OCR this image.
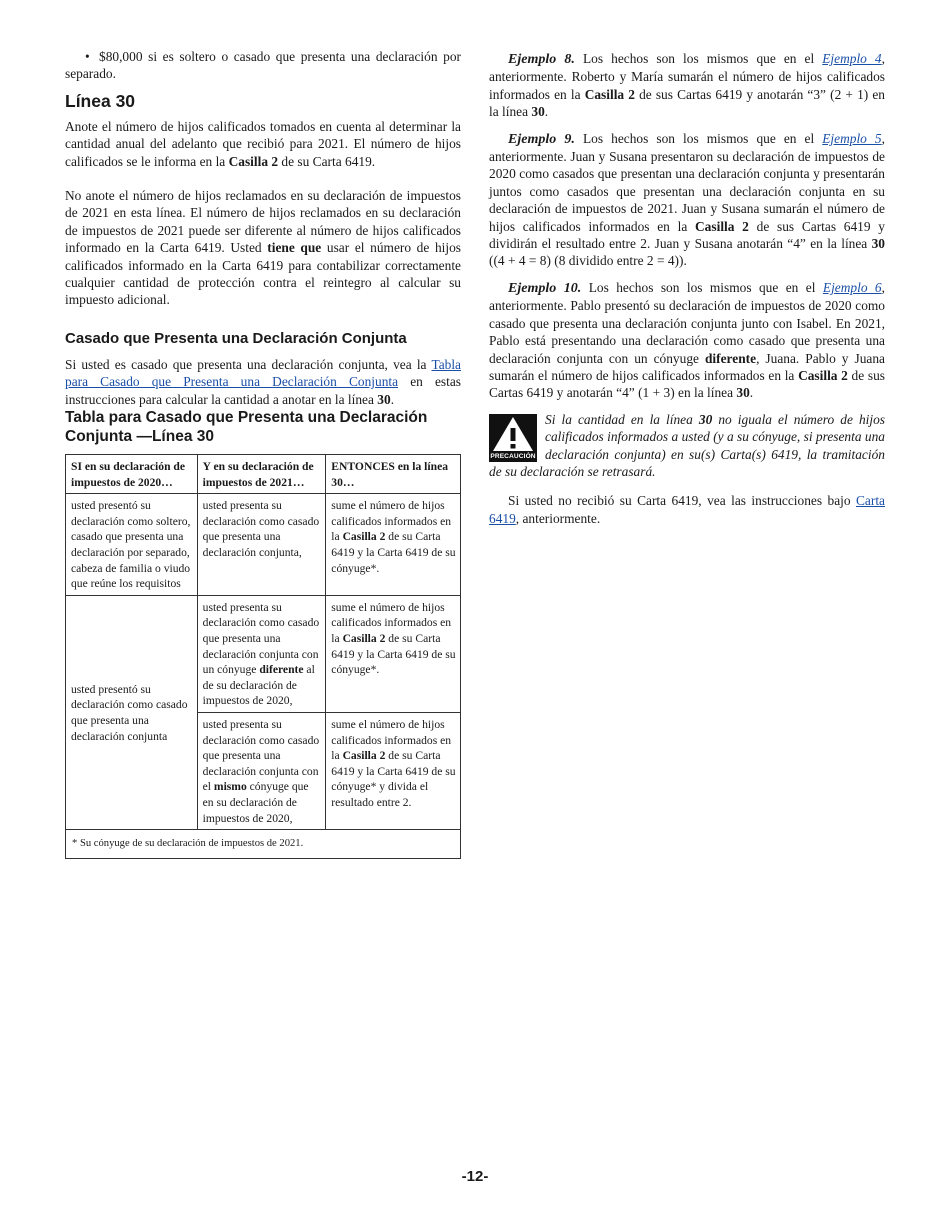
• $80,000 si es soltero o casado que presenta una declaración por separado.

Línea 30

Anote el número de hijos calificados tomados en cuenta al determinar la cantidad anual del adelanto que recibió para 2021. El número de hijos calificados se le informa en la Casilla 2 de su Carta 6419.

No anote el número de hijos reclamados en su declaración de impuestos de 2021 en esta línea. El número de hijos reclamados en su declaración de impuestos de 2021 puede ser diferente al número de hijos calificados informado en la Carta 6419. Usted tiene que usar el número de hijos calificados informado en la Carta 6419 para contabilizar correctamente cualquier cantidad de protección contra el reintegro al calcular su impuesto adicional.

Casado que Presenta una Declaración Conjunta

Si usted es casado que presenta una declaración conjunta, vea la Tabla para Casado que Presenta una Declaración Conjunta en estas instrucciones para calcular la cantidad a anotar en la línea 30.

Tabla para Casado que Presenta una Declaración Conjunta —Línea 30
SI en su declaración de impuestos de 2020…	Y en su declaración de impuestos de 2021…	ENTONCES en la línea 30…
usted presentó su declaración como soltero, casado que presenta una declaración por separado, cabeza de familia o viudo que reúne los requisitos	usted presenta su declaración como casado que presenta una declaración conjunta,	sume el número de hijos calificados informados en la Casilla 2 de su Carta 6419 y la Carta 6419 de su cónyuge*.
usted presentó su declaración como casado que presenta una declaración conjunta	usted presenta su declaración como casado que presenta una declaración conjunta con un cónyuge diferente al de su declaración de impuestos de 2020,	sume el número de hijos calificados informados en la Casilla 2 de su Carta 6419 y la Carta 6419 de su cónyuge*.
	usted presenta su declaración como casado que presenta una declaración conjunta con el mismo cónyuge que en su declaración de impuestos de 2020,	sume el número de hijos calificados informados en la Casilla 2 de su Carta 6419 y la Carta 6419 de su cónyuge* y divida el resultado entre 2.
* Su cónyuge de su declaración de impuestos de 2021.		

Ejemplo 8. Los hechos son los mismos que en el Ejemplo 4, anteriormente. Roberto y María sumarán el número de hijos calificados informados en la Casilla 2 de sus Cartas 6419 y anotarán “3” (2 + 1) en la línea 30.

Ejemplo 9. Los hechos son los mismos que en el Ejemplo 5, anteriormente. Juan y Susana presentaron su declaración de impuestos de 2020 como casados que presentan una declaración conjunta y presentarán juntos como casados que presentan una declaración conjunta en su declaración de impuestos de 2021. Juan y Susana sumarán el número de hijos calificados informados en la Casilla 2 de sus Cartas 6419 y dividirán el resultado entre 2. Juan y Susana anotarán “4” en la línea 30 ((4 + 4 = 8) (8 dividido entre 2 = 4)).

Ejemplo 10. Los hechos son los mismos que en el Ejemplo 6, anteriormente. Pablo presentó su declaración de impuestos de 2020 como casado que presenta una declaración conjunta junto con Isabel. En 2021, Pablo está presentando una declaración como casado que presenta una declaración conjunta con un cónyuge diferente, Juana. Pablo y Juana sumarán el número de hijos calificados informados en la Casilla 2 de sus Cartas 6419 y anotarán “4” (1 + 3) en la línea 30.

PRECAUCIÓN

Si la cantidad en la línea 30 no iguala el número de hijos calificados informados a usted (y a su cónyuge, si presenta una declaración conjunta) en su(s) Carta(s) 6419, la tramitación de su declaración se retrasará.

Si usted no recibió su Carta 6419, vea las instrucciones bajo Carta 6419, anteriormente.

-12-
